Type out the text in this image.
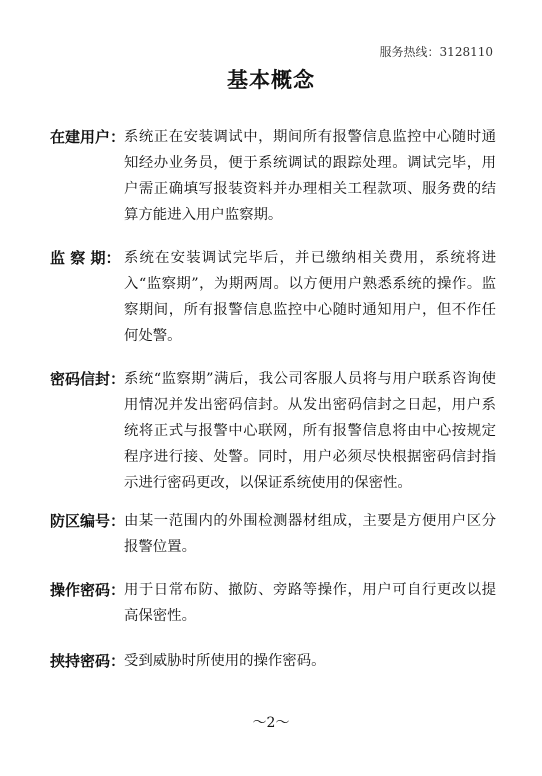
服务热线：3128110
基本概念
在建用户：
系统正在安装调试中，期间所有报警信息监控中心随时通知经办业务员，便于系统调试的跟踪处理。调试完毕，用户需正确填写报装资料并办理相关工程款项、服务费的结算方能进入用户监察期。
监 察 期： 系统在安装调试完毕后，并已缴纳相关费用，系统将进入“监察期”，为期两周。以方便用户熟悉系统的操作。监察期间，所有报警信息监控中心随时通知用户，但不作任何处警。
密码信封：
系统“监察期”满后，我公司客服人员将与用户联系咨询使用情况并发出密码信封。从发出密码信封之日起，用户系统将正式与报警中心联网，所有报警信息将由中心按规定程序进行接、处警。同时，用户必须尽快根据密码信封指示进行密码更改，以保证系统使用的保密性。
防区编号：
由某一范围内的外围检测器材组成，主要是方便用户区分报警位置。
操作密码：
用于日常布防、撤防、旁路等操作，用户可自行更改以提高保密性。
挟持密码：
受到威胁时所使用的操作密码。
～2～
